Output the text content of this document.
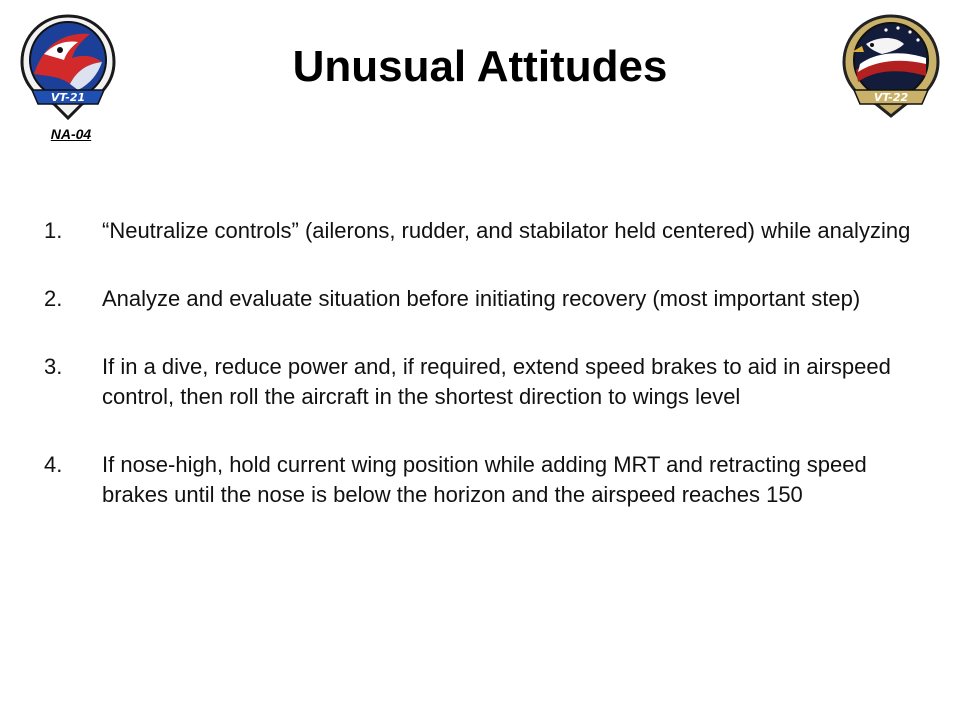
VT-21
NA-04
Unusual Attitudes
VT-22
1.	“Neutralize controls” (ailerons, rudder, and stabilator held centered) while analyzing
2.	Analyze and evaluate situation before initiating recovery (most important step)
3.	If in a dive, reduce power and, if required, extend speed brakes to aid in airspeed control, then roll the aircraft in the shortest direction to wings level
4.	If nose-high, hold current wing position while adding MRT and retracting speed brakes until the nose is below the horizon and the airspeed reaches 150
